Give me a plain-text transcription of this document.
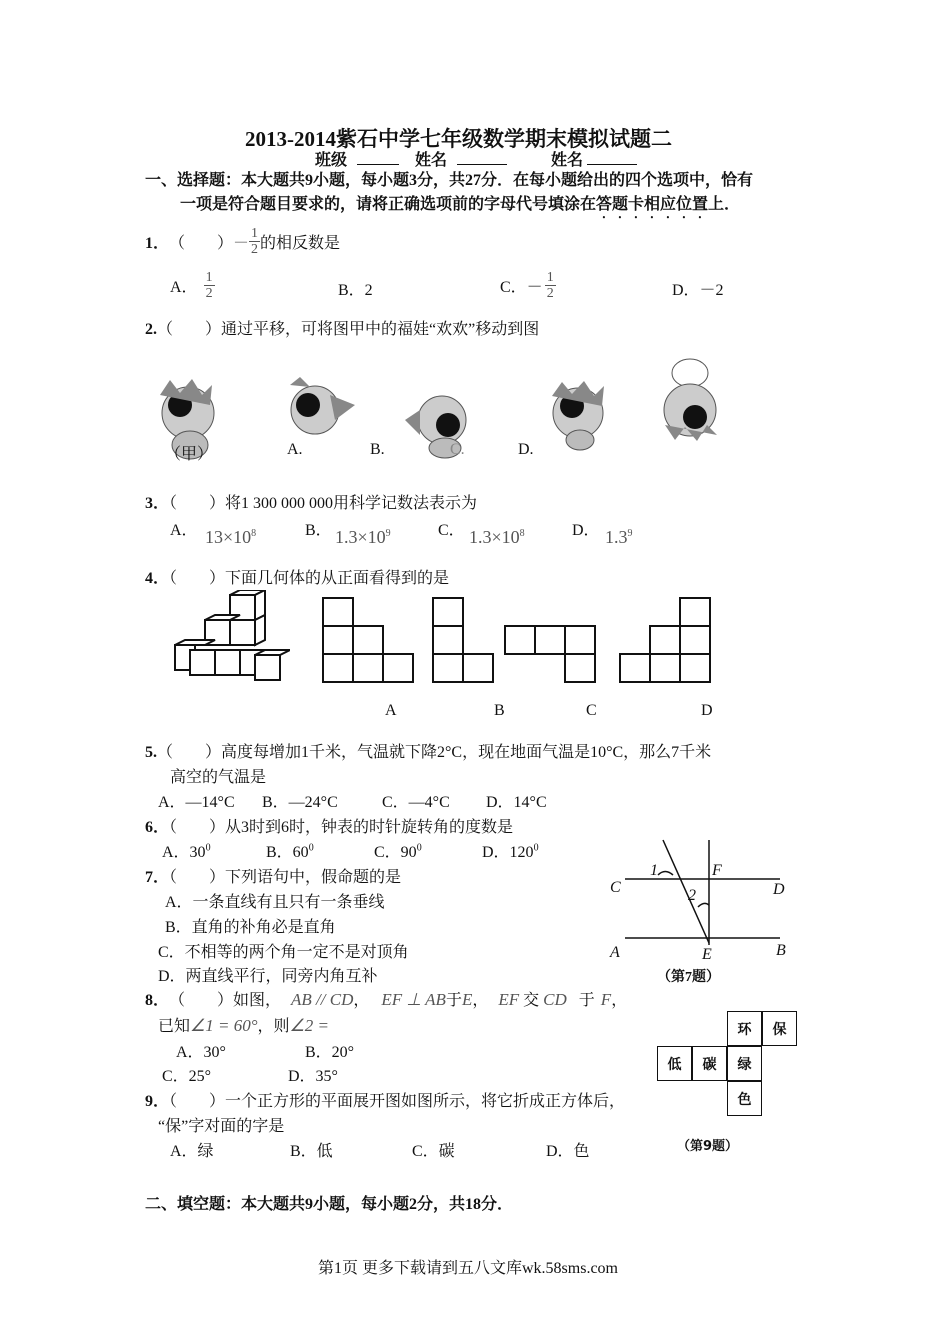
2013-2014紫石中学七年级数学期末模拟试题二
班级	姓名	姓名
一、选择题：本大题共9小题，每小题3分，共27分．在每小题给出的四个选项中，恰有
一项是符合题目要求的，请将正确选项前的字母代号填涂在答题卡相应位置上．
1． （　　） － $\frac{1}{2}$ 的相反数是
A． $\frac{1}{2}$	B．2	C．－ $\frac{1}{2}$	D．－2
2.（　　）通过平移，可将图甲中的福娃“欢欢”移动到图
（甲）	A.	B.	C.	D.
3．（　　）将1 300 000 000用科学记数法表示为
A． $13\times 10^8$	B． $1.3\times 10^9$	C． $1.3\times 10^8$	D． $1.3^9$
4．（　　）下面几何体的从正面看得到的是
A	B	C	D
5.（　　）高度每增加1千米，气温就下降2°C，现在地面气温是10°C，那么7千米
高空的气温是
A．—14°C B．—24°C	C．—4°C D．14°C
6．（　　）从3时到6时，钟表的时针旋转角的度数是
A．$30^0$	B．$60^0$	C．$90^0$	D．$120^0$
7．（　　）下列语句中，假命题的是
A．一条直线有且只有一条垂线
B．直角的补角必是直角
C．不相等的两个角一定不是对顶角
D．两直线平行，同旁内角互补
1
2
C	D
F
A	E	B
（第7题）
8． （　　）如图， AB // CD ， EF ⊥ AB 于 E ， EF 交 CD 于 F ，
已知 ∠1 = 60° ，则 ∠2 =
A．30°	B．20°
C．25°	D．35°
9．（　　）一个正方形的平面展开图如图所示，将它折成正方体后，
“保”字对面的字是
A．绿	B．低	C．碳	D．色
环	保
低	碳	绿
色
（第9题）
二、填空题：本大题共9小题，每小题2分，共18分．
第1页 更多下载请到五八文库wk.58sms.com
